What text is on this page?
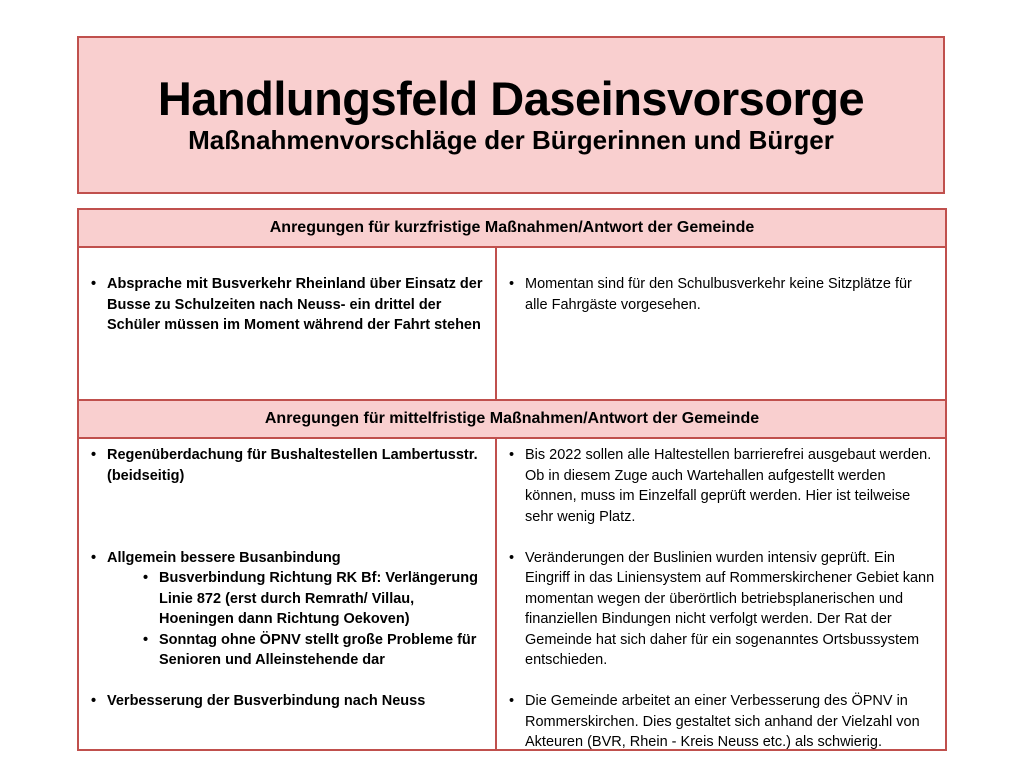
Handlungsfeld Daseinsvorsorge
Maßnahmenvorschläge der Bürgerinnen und Bürger
Anregungen für kurzfristige Maßnahmen/Antwort der Gemeinde
• Absprache mit Busverkehr Rheinland über Einsatz der Busse zu Schulzeiten nach Neuss- ein drittel der Schüler müssen im Moment während der Fahrt stehen
• Momentan sind für den Schulbusverkehr keine Sitzplätze für alle Fahrgäste vorgesehen.
Anregungen für mittelfristige Maßnahmen/Antwort der Gemeinde
• Regenüberdachung für Bushaltestellen Lambertusstr. (beidseitig)
• Allgemein bessere Busanbindung
• Busverbindung Richtung RK Bf: Verlängerung Linie 872 (erst durch Remrath/ Villau, Hoeningen dann Richtung Oekoven)
• Sonntag ohne ÖPNV stellt große Probleme für Senioren und Alleinstehende dar
• Verbesserung der Busverbindung nach Neuss
• Bis 2022 sollen alle Haltestellen barrierefrei ausgebaut werden. Ob in diesem Zuge auch Wartehallen aufgestellt werden können, muss im Einzelfall geprüft werden. Hier ist teilweise sehr wenig Platz.
• Veränderungen der Buslinien wurden intensiv geprüft. Ein Eingriff in das Liniensystem auf Rommerskirchener Gebiet kann momentan wegen der überörtlich betriebsplanerischen und finanziellen Bindungen nicht verfolgt werden. Der Rat der Gemeinde hat sich daher für ein sogenanntes Ortsbussystem entschieden.
• Die Gemeinde arbeitet an einer Verbesserung des ÖPNV in Rommerskirchen. Dies gestaltet sich anhand der Vielzahl von Akteuren (BVR, Rhein - Kreis Neuss etc.) als schwierig.
